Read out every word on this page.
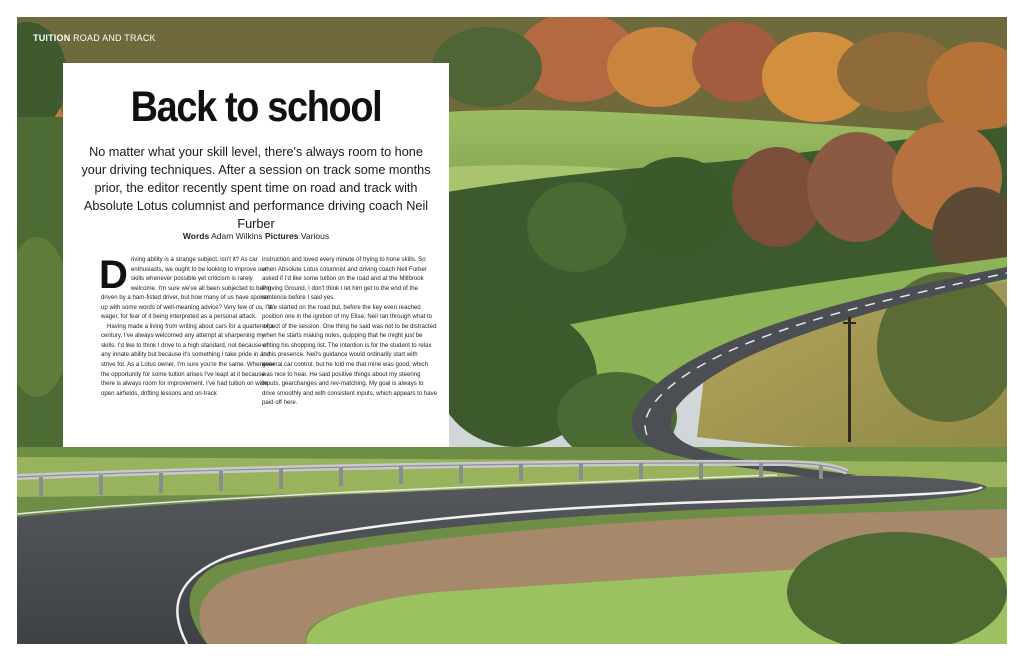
TUITION ROAD AND TRACK
Back to school
No matter what your skill level, there's always room to hone your driving techniques. After a session on track some months prior, the editor recently spent time on road and track with Absolute Lotus columnist and performance driving coach Neil Furber
Words Adam Wilkins Pictures Various

Driving ability is a strange subject, isn't it? As car enthusiasts, we ought to be looking to improve our skills whenever possible yet criticism is rarely welcome. I'm sure we've all been subjected to being driven by a ham-fisted driver, but how many of us have spoken up with some words of well-meaning advice? Very few of us, I'd wager, for fear of it being interpreted as a personal attack.

Having made a living from writing about cars for a quarter of a century, I've always welcomed any attempt at sharpening my skills. I'd like to think I drive to a high standard, not because of any innate ability but because it's something I take pride in and strive for. As a Lotus owner, I'm sure you're the same. Whenever the opportunity for some tuition arises I've leapt at it because there is always room for improvement. I've had tuition on wide open airfields, drifting lessons and on-track

instruction and loved every minute of trying to hone skills. So when Absolute Lotus columnist and driving coach Neil Furber asked if I'd like some tuition on the road and at the Millbrook Proving Ground, I don't think I let him get to the end of the sentence before I said yes.

We started on the road but, before the key even reached position one in the ignition of my Elise, Neil ran through what to expect of the session. One thing he said was not to be distracted when he starts making notes, quipping that he might just be writing his shopping list. The intention is for the student to relax in his presence. Neil's guidance would ordinarily start with general car control, but he told me that mine was good, which was nice to hear. He said positive things about my steering inputs, gearchanges and rev-matching. My goal is always to drive smoothly and with consistent inputs, which appears to have paid off here.
